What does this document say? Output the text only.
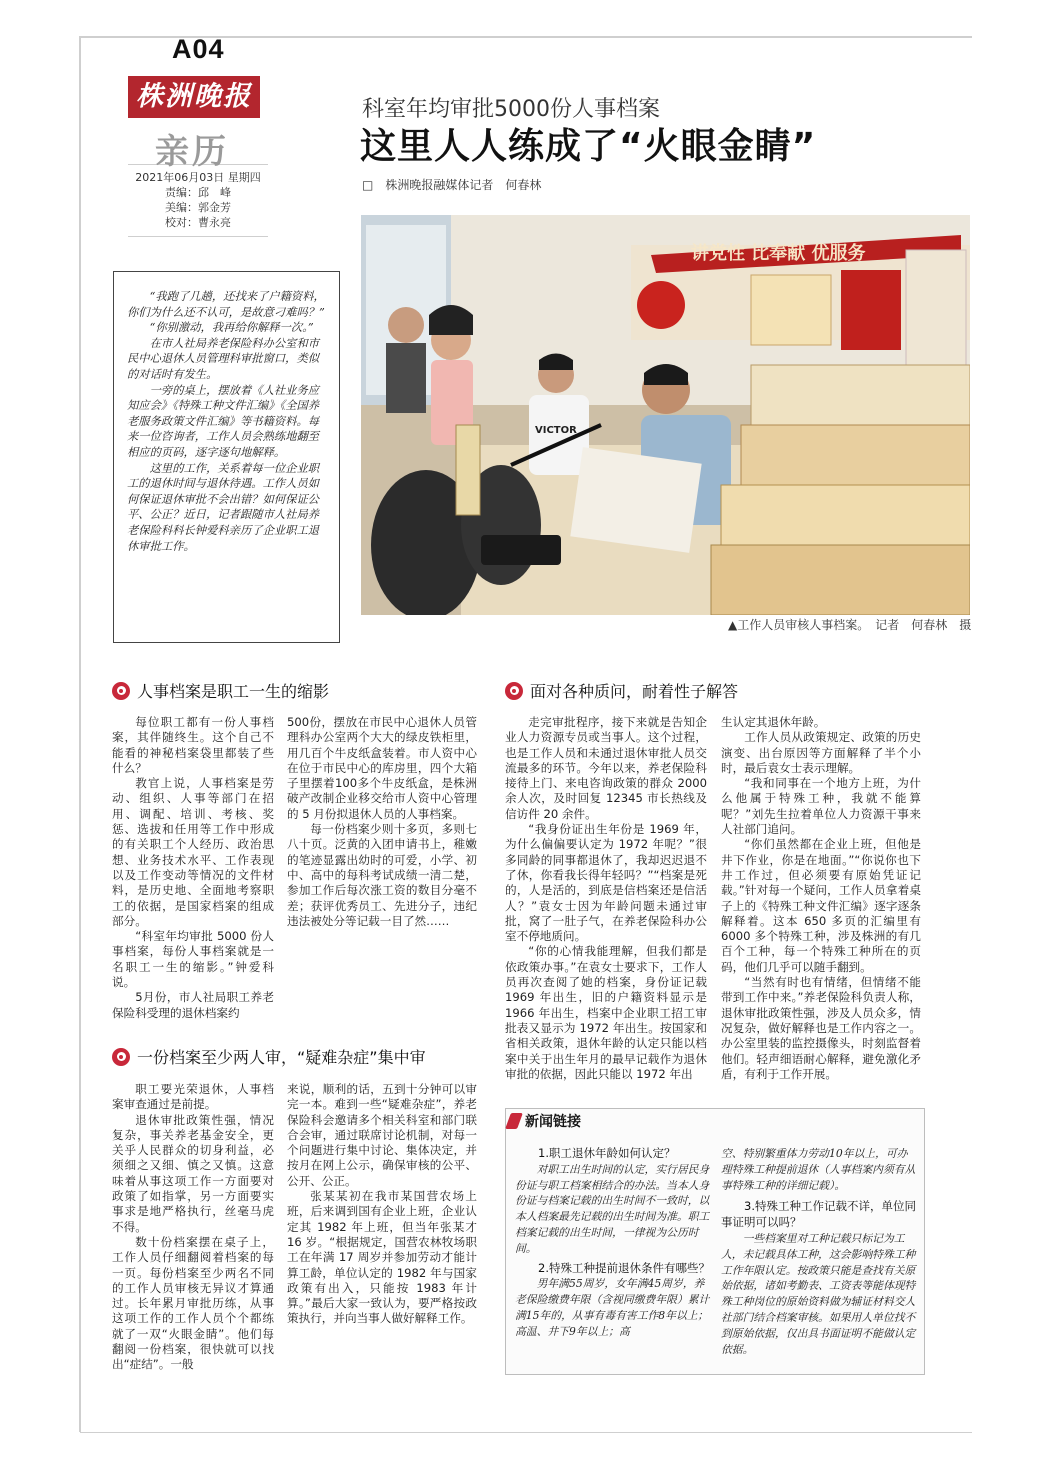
A04
株洲晚报
亲历
2021年06月03日 星期四
责编：邱　峰
美编：郭金芳
校对：曹永亮
科室年均审批5000份人事档案
这里人人练成了“火眼金睛”
□　株洲晚报融媒体记者　何春林
讲党性 比奉献 优服务
VICTOR
▲工作人员审核人事档案。　记者　何春林　摄

“我跑了几趟，还找来了户籍资料，你们为什么还不认可，是故意刁难吗？”

“你别激动，我再给你解释一次。”

在市人社局养老保险科办公室和市民中心退休人员管理科审批窗口，类似的对话时有发生。

一旁的桌上，摆放着《人社业务应知应会》《特殊工种文件汇编》《全国养老服务政策文件汇编》等书籍资料。每来一位咨询者，工作人员会熟练地翻至相应的页码，逐字逐句地解释。

这里的工作，关系着每一位企业职工的退休时间与退休待遇。工作人员如何保证退休审批不会出错？如何保证公平、公正？近日，记者跟随市人社局养老保险科科长钟爱科亲历了企业职工退休审批工作。

人事档案是职工一生的缩影

每位职工都有一份人事档案，其伴随终生。这个自己不能看的神秘档案袋里都装了些什么？

教官上说，人事档案是劳动、组织、人事等部门在招用、调配、培训、考核、奖惩、选拔和任用等工作中形成的有关职工个人经历、政治思想、业务技术水平、工作表现以及工作变动等情况的文件材料，是历史地、全面地考察职工的依据，是国家档案的组成部分。

“科室年均审批 5000 份人事档案，每份人事档案就是一名职工一生的缩影。”钟爱科说。

5月份，市人社局职工养老保险科受理的退休档案约

500份，摆放在市民中心退休人员管理科办公室两个大大的绿皮铁柜里，用几百个牛皮纸盒装着。市人资中心在位于市民中心的库房里，四个大箱子里摆着100多个牛皮纸盒，是株洲破产改制企业移交给市人资中心管理的 5 月份拟退休人员的人事档案。

每一份档案少则十多页，多则七八十页。泛黄的入团申请书上，稚嫩的笔迹显露出幼时的可爱，小学、初中、高中的每科考试成绩一清二楚，参加工作后每次涨工资的数目分毫不差；获评优秀员工、先进分子，违纪违法被处分等记载一目了然……

一份档案至少两人审，“疑难杂症”集中审

职工要光荣退休，人事档案审查通过是前提。

退休审批政策性强，情况复杂，事关养老基金安全，更关乎人民群众的切身利益，必须细之又细、慎之又慎。这意味着从事这项工作一方面要对政策了如指掌，另一方面要实事求是地严格执行，丝毫马虎不得。

数十份档案摆在桌子上，工作人员仔细翻阅着档案的每一页。每份档案至少两名不同的工作人员审核无异议才算通过。长年累月审批历练，从事这项工作的工作人员个个都练就了一双“火眼金睛”。他们每翻阅一份档案，很快就可以找出“症结”。一般

来说，顺利的话，五到十分钟可以审完一本。难到一些“疑难杂症”，养老保险科会邀请多个相关科室和部门联合会审，通过联席讨论机制，对每一个问题进行集中讨论、集体决定，并按月在网上公示，确保审核的公平、公开、公正。

张某某初在我市某国营农场上班，后来调到国有企业上班，企业认定其 1982 年上班，但当年张某才 16 岁。“根据规定，国营农林牧场职工在年满 17 周岁并参加劳动才能计算工龄，单位认定的 1982 年与国家政策有出入，只能按 1983 年计算。”最后大家一致认为，要严格按政策执行，并向当事人做好解释工作。

面对各种质问，耐着性子解答

走完审批程序，接下来就是告知企业人力资源专员或当事人。这个过程，也是工作人员和未通过退休审批人员交流最多的环节。今年以来，养老保险科接待上门、来电咨询政策的群众 2000 余人次，及时回复 12345 市长热线及信访件 20 余件。

“我身份证出生年份是 1969 年，为什么偏偏要认定为 1972 年呢？”很多同龄的同事都退休了，我却迟迟退不了休，你看我长得年轻吗？”“档案是死的，人是活的，到底是信档案还是信活人？”袁女士因为年龄问题未通过审批，窝了一肚子气，在养老保险科办公室不停地质问。

“你的心情我能理解，但我们都是依政策办事。”在袁女士要求下，工作人员再次查阅了她的档案，身份证记载 1969 年出生，旧的户籍资料显示是 1966 年出生，档案中企业职工招工审批表又显示为 1972 年出生。按国家和省相关政策，退休年龄的认定只能以档案中关于出生年月的最早记载作为退休审批的依据，因此只能以 1972 年出

生认定其退休年龄。

工作人员从政策规定、政策的历史演变、出台原因等方面解释了半个小时，最后袁女士表示理解。

“我和同事在一个地方上班，为什么他属于特殊工种，我就不能算呢？”刘先生拉着单位人力资源干事来人社部门追问。

“你们虽然都在企业上班，但他是井下作业，你是在地面。”“你说你也下井工作过，但必须要有原始凭证记载。”针对每一个疑问，工作人员拿着桌子上的《特殊工种文件汇编》逐字逐条解释着。这本 650 多页的汇编里有 6000 多个特殊工种，涉及株洲的有几百个工种，每一个特殊工种所在的页码，他们几乎可以随手翻到。

“当然有时也有情绪，但情绪不能带到工作中来。”养老保险科负责人称，退休审批政策性强，涉及人员众多，情况复杂，做好解释也是工作内容之一。办公室里装的监控摄像头，时刻监督着他们。轻声细语耐心解释，避免激化矛盾，有利于工作开展。

新闻链接

1.职工退休年龄如何认定？

对职工出生时间的认定，实行居民身份证与职工档案相结合的办法。当本人身份证与档案记载的出生时间不一致时，以本人档案最先记载的出生时间为准。职工档案记载的出生时间，一律视为公历时间。

2.特殊工种提前退休条件有哪些？

男年满55周岁，女年满45周岁，养老保险缴费年限（含视同缴费年限）累计满15年的，从事有毒有害工作8年以上；高温、井下9年以上；高

空、特别繁重体力劳动10年以上，可办理特殊工种提前退休（人事档案内须有从事特殊工种的详细记载）。

3.特殊工种工作记载不详，单位同事证明可以吗？

一些档案里对工种记载只标记为工人，未记载具体工种，这会影响特殊工种工作年限认定。按政策只能是查找有关原始依据，诸如考勤表、工资表等能体现特殊工种岗位的原始资料做为辅证材料交人社部门结合档案审核。如果用人单位找不到原始依据，仅出具书面证明不能做认定依据。
